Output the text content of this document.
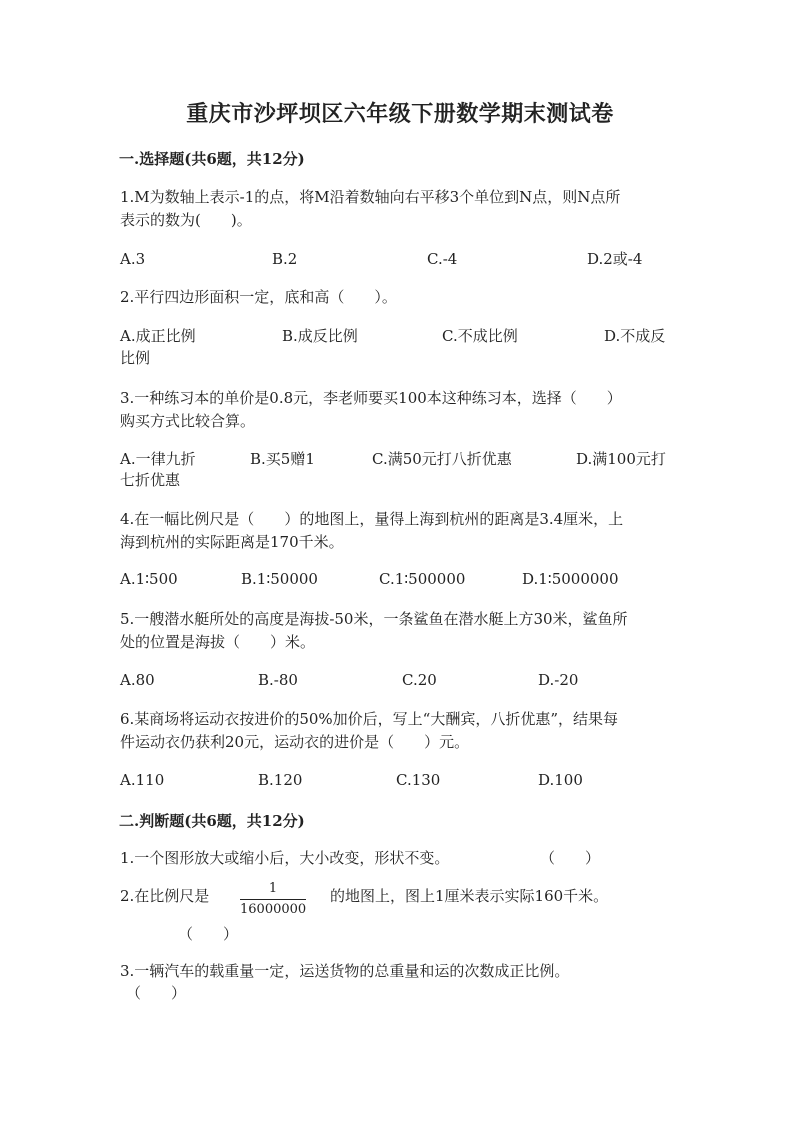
重庆市沙坪坝区六年级下册数学期末测试卷
一.选择题(共6题，共12分)
1.M为数轴上表示-1的点，将M沿着数轴向右平移3个单位到N点，则N点所
表示的数为(　　)。
A.3	B.2	C.-4	D.2或-4
2.平行四边形面积一定，底和高（　　）。
A.成正比例	B.成反比例	C.不成比例	D.不成反
比例
3.一种练习本的单价是0.8元，李老师要买100本这种练习本，选择（　　）
购买方式比较合算。
A.一律九折	B.买5赠1	C.满50元打八折优惠	D.满100元打
七折优惠
4.在一幅比例尺是（　　）的地图上，量得上海到杭州的距离是3.4厘米，上
海到杭州的实际距离是170千米。
A.1∶500	B.1∶50000	C.1∶500000	D.1∶5000000
5.一艘潜水艇所处的高度是海拔-50米，一条鲨鱼在潜水艇上方30米，鲨鱼所
处的位置是海拔（　　）米。
A.80	B.-80	C.20	D.-20
6.某商场将运动衣按进价的50%加价后，写上“大酬宾，八折优惠”，结果每
件运动衣仍获利20元，运动衣的进价是（　　）元。
A.110	B.120	C.130	D.100
二.判断题(共6题，共12分)
1.一个图形放大或缩小后，大小改变，形状不变。	（　　）
2.在比例尺是	1
16000000
的地图上，图上1厘米表示实际160千米。
（　　）
3.一辆汽车的载重量一定，运送货物的总重量和运的次数成正比例。
（　　）
